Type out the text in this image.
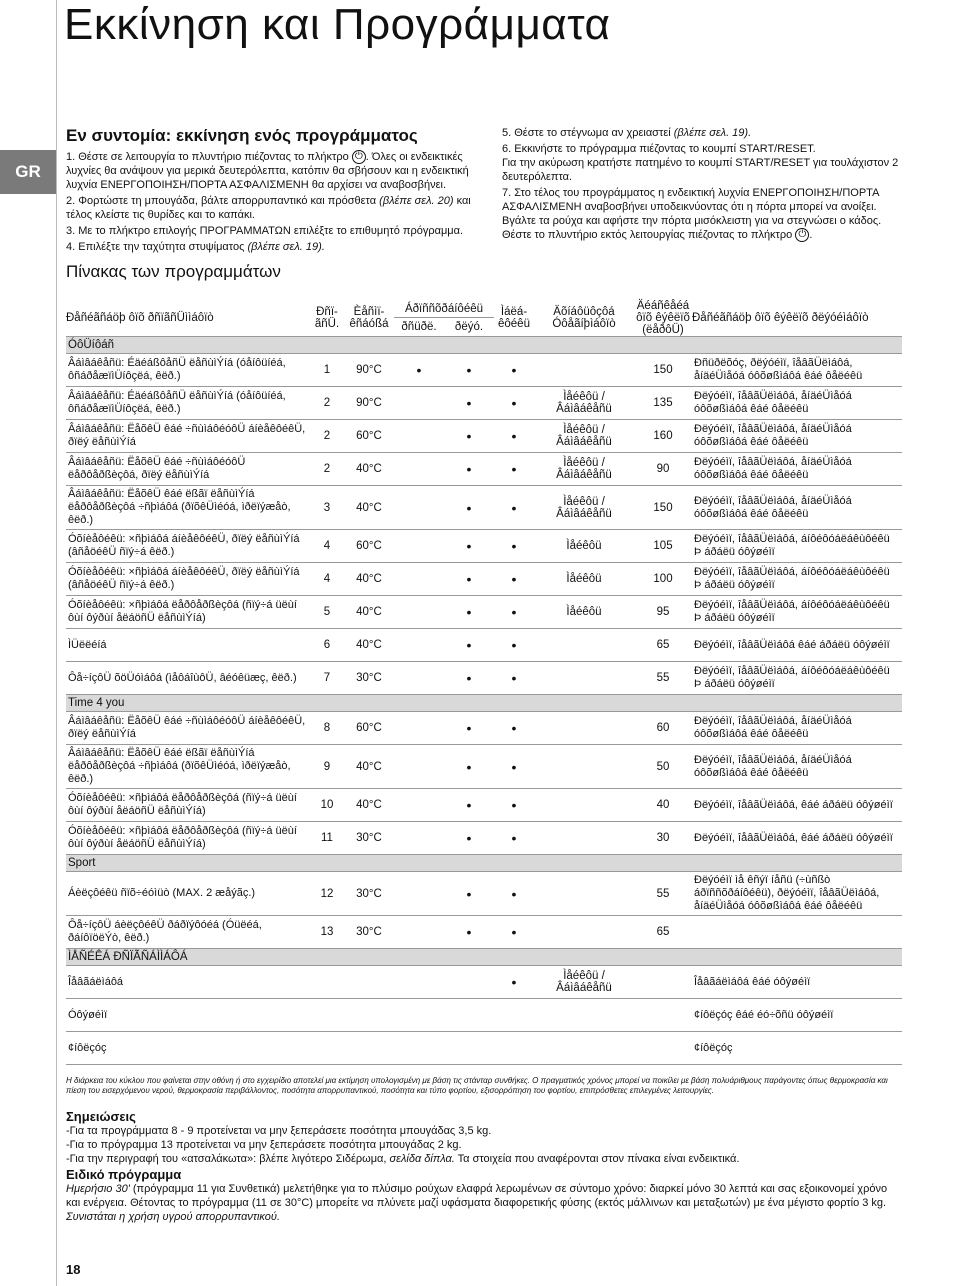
Εκκίνηση και Προγράμματα
GR
Εν συντομία: εκκίνηση ενός προγράμματος
1. Θέστε σε λειτουργία το πλυντήριο πιέζοντας το πλήκτρο ⏻ . Όλες οι ενδεικτικές λυχνίες θα ανάψουν για μερικά δευτερόλεπτα, κατόπιν θα σβήσουν και η ενδεικτική λυχνία ΕΝΕΡΓΟΠΟΙΗΣΗ/ΠΟΡΤΑ ΑΣΦΑΛΙΣΜΕΝΗ θα αρχίσει να αναβοσβήνει.
2. Φορτώστε τη μπουγάδα, βάλτε απορρυπαντικό και πρόσθετα (βλέπε σελ. 20) και τέλος κλείστε τις θυρίδες και το καπάκι.
3. Με το πλήκτρο επιλογής ΠΡΟΓΡΑΜΜΑΤΩΝ επιλέξτε το επιθυμητό πρόγραμμα.
4. Επιλέξτε την ταχύτητα στυψίματος (βλέπε σελ. 19).
Πίνακας των προγραμμάτων
5. Θέστε το στέγνωμα αν χρειαστεί (βλέπε σελ. 19).
6. Εκκινήστε το πρόγραμμα πιέζοντας το κουμπί START/RESET.
Για την ακύρωση κρατήστε πατημένο το κουμπί START/RESET για τουλάχιστον 2 δευτερόλεπτα.
7. Στο τέλος του προγράμματος η ενδεικτική λυχνία ΕΝΕΡΓΟΠΟΙΗΣΗ/ΠΟΡΤΑ ΑΣΦΑΛΙΣΜΕΝΗ αναβοσβήνει υποδεικνύοντας ότι η πόρτα μπορεί να ανοίξει. Βγάλτε τα ρούχα και αφήστε την πόρτα μισόκλειστη για να στεγνώσει ο κάδος. Θέστε το πλυντήριο εκτός λειτουργίας πιέζοντας το πλήκτρο ⏻ .
Ðåñéãñáöþ ôïõ ðñïãñÜììáôïò	Ðñï-ãñÜ.	Èåñìï-êñáóßá	Áðïññõðáíôéêü		Ìáëá-êôéêü	Äõíáôüôçôá Óôåãíþìáôïò	Äéáñêåéá ôïõ êýêëïõ (ëåðôÜ)	Ðåñéãñáöþ ôïõ êýêëïõ ðëýóéìáôïò
			ðñüðë.	ðëýó.				
ÓôÜíôáñ								
Âáìâáêåñü: ÉäéáßôåñÜ ëåñùìÝíá (óåíôüíéá, ôñáðåæïìÜíôçëá, êëð.)	1	90°C	•	•	•		150	Ðñüðëõóç, ðëýóéìï, îåâãÜëìáôá, åíäéÜìåóá óôõøßìáôá êáé ôåëéêü
Âáìâáêåñü: ÉäéáßôåñÜ ëåñùìÝíá (óåíôüíéá, ôñáðåæïìÜíôçëá, êëð.)	2	90°C		•	•	Ìåéêôü / Âáìâáêåñü	135	Ðëýóéìï, îåâãÜëìáôá, åíäéÜìåóá óôõøßìáôá êáé ôåëéêü
Âáìâáêåñü: ËåõêÜ êáé ÷ñùìáôéóôÜ áíèåêôéêÜ, ðïëý ëåñùìÝíá	2	60°C		•	•	Ìåéêôü / Âáìâáêåñü	160	Ðëýóéìï, îåâãÜëìáôá, åíäéÜìåóá óôõøßìáôá êáé ôåëéêü
Âáìâáêåñü: ËåõêÜ êáé ÷ñùìáôéóôÜ ëåðôåðßèçôá, ðïëý ëåñùìÝíá	2	40°C		•	•	Ìåéêôü / Âáìâáêåñü	90	Ðëýóéìï, îåâãÜëìáôá, åíäéÜìåóá óôõøßìáôá êáé ôåëéêü
Âáìâáêåñü: ËåõêÜ êáé ëßãï ëåñùìÝíá ëåðôåðßèçôá ÷ñþìáôá (ðïõêÜìéóá, ìðëïýæåò, êëð.)	3	40°C		•	•	Ìåéêôü / Âáìâáêåñü	150	Ðëýóéìï, îåâãÜëìáôá, åíäéÜìåóá óôõøßìáôá êáé ôåëéêü
Óõíèåôéêü: ×ñþìáôá áíèåêôéêÜ, ðïëý ëåñùìÝíá (âñåöéêÜ ñïý÷á êëð.)	4	60°C		•	•	Ìåéêôü	105	Ðëýóéìï, îåâãÜëìáôá, áíôéôóáëáêùôéêü Þ áðáëü óôýøéìï
Óõíèåôéêü: ×ñþìáôá áíèåêôéêÜ, ðïëý ëåñùìÝíá (âñåöéêÜ ñïý÷á êëð.)	4	40°C		•	•	Ìåéêôü	100	Ðëýóéìï, îåâãÜëìáôá, áíôéôóáëáêùôéêü Þ áðáëü óôýøéìï
Óõíèåôéêü: ×ñþìáôá ëåðôåðßèçôá (ñïý÷á üëùí ôùí ôýðùí åëáöñÜ ëåñùìÝíá)	5	40°C		•	•	Ìåéêôü	95	Ðëýóéìï, îåâãÜëìáôá, áíôéôóáëáêùôéêü Þ áðáëü óôýøéìï
ÌÜëëéíá	6	40°C		•	•		65	Ðëýóéìï, îåâãÜëìáôá êáé áðáëü óôýøéìï
Ôå÷íçôÜ õöÜóìáôá (ìåôáîùôÜ, âéóêüæç, êëð.)	7	30°C		•	•		55	Ðëýóéìï, îåâãÜëìáôá, áíôéôóáëáêùôéêü Þ áðáëü óôýøéìï
Time 4 you								
Âáìâáêåñü: ËåõêÜ êáé ÷ñùìáôéóôÜ áíèåêôéêÜ, ðïëý ëåñùìÝíá	8	60°C		•	•		60	Ðëýóéìï, îåâãÜëìáôá, åíäéÜìåóá óôõøßìáôá êáé ôåëéêü
Âáìâáêåñü: ËåõêÜ êáé ëßãï ëåñùìÝíá ëåðôåðßèçôá ÷ñþìáôá (ðïõêÜìéóá, ìðëïýæåò, êëð.)	9	40°C		•	•		50	Ðëýóéìï, îåâãÜëìáôá, åíäéÜìåóá óôõøßìáôá êáé ôåëéêü
Óõíèåôéêü: ×ñþìáôá ëåðôåðßèçôá (ñïý÷á üëùí ôùí ôýðùí åëáöñÜ ëåñùìÝíá)	10	40°C		•	•		40	Ðëýóéìï, îåâãÜëìáôá, êáé áðáëü óôýøéìï
Óõíèåôéêü: ×ñþìáôá ëåðôåðßèçôá (ñïý÷á üëùí ôùí ôýðùí åëáöñÜ ëåñùìÝíá)	11	30°C		•	•		30	Ðëýóéìï, îåâãÜëìáôá, êáé áðáëü óôýøéìï
Sport								
Áèëçôéêü ñïõ÷éóìüò (MAX. 2 æåýãç.)	12	30°C		•	•		55	Ðëýóéìï ìå êñýï íåñü (÷ùñßò áðïññõðáíôéêü), ðëýóéìï, îåâãÜëìáôá, åíäéÜìåóá óôõøßìáôá êáé ôåëéêü
Ôå÷íçôÜ áèëçôéêÜ ðáðïýôóéá (Óüëéá, ðáíôïöëÝò, êëð.)	13	30°C		•	•		65	
ÌÅÑÉÊÁ ÐÑÏÃÑÁÌÌÁÔÁ								
Îåâãáëìáôá					•	Ìåéêôü / Âáìâáêåñü		Îåâãáëìáôá êáé óôýøéìï
Óôýøéìï								¢íôëçóç êáé éó÷õñü óôýøéìï
¢íôëçóç								¢íôëçóç
Η διάρκεια του κύκλου που φαίνεται στην οθόνη ή στο εγχειρίδιο αποτελεί μια εκτίμηση υπολογισμένη με βάση τις στάνταρ συνθήκες. Ο πραγματικός χρόνος μπορεί να ποικίλει με βάση πολυάριθμους παράγοντες όπως θερμοκρασία και πίεση του εισερχόμενου νερού, θερμοκρασία περιβάλλοντος, ποσότητα απορρυπαντικού, ποσότητα και τύπο φορτίου, εξισορρόπηση του φορτίου, επιπρόσθετες επιλεγμένες λειτουργίες.
Σημειώσεις
-Για τα προγράμματα 8 - 9 προτείνεται να μην ξεπεράσετε ποσότητα μπουγάδας 3,5 kg.
-Για το πρόγραμμα 13 προτείνεται να μην ξεπεράσετε ποσότητα μπουγάδας 2 kg.
-Για την περιγραφή του «ατσαλάκωτα»: βλέπε λιγότερο Σιδέρωμα, σελίδα δίπλα. Τα στοιχεία που αναφέρονται στον πίνακα είναι ενδεικτικά.
Ειδικό πρόγραμμα
Ημερήσιο 30' (πρόγραμμα 11 για Συνθετικά) μελετήθηκε για το πλύσιμο ρούχων ελαφρά λερωμένων σε σύντομο χρόνο: διαρκεί μόνο 30 λεπτά και σας εξοικονομεί χρόνο και ενέργεια. Θέτοντας το πρόγραμμα (11 σε 30°C) μπορείτε να πλύνετε μαζί υφάσματα διαφορετικής φύσης (εκτός μάλλινων και μεταξωτών) με ένα μέγιστο φορτίο 3 kg. Συνιστάται η χρήση υγρού απορρυπαντικού.
18
